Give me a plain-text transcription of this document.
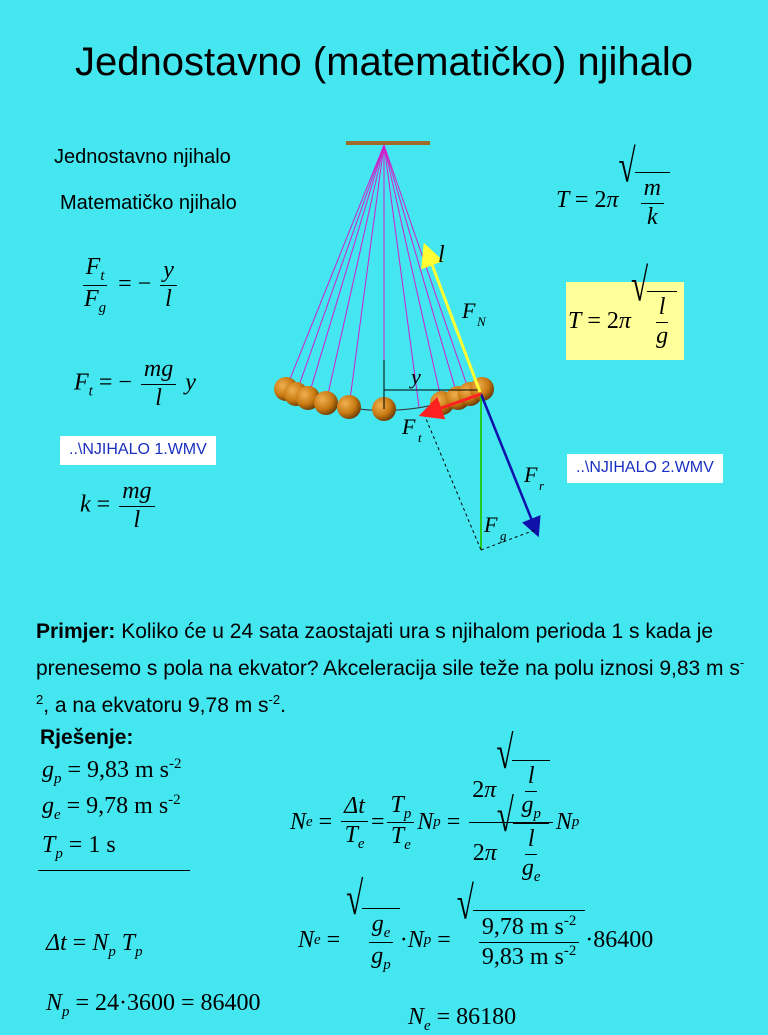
Jednostavno (matematičko) njihalo
Jednostavno njihalo
Matematičko njihalo
$\frac{F_t}{F_g}$ = − $\frac{y}{l}$
$F_t$ = − $\frac{mg}{l}$ y
..\NJIHALO 1.WMV
$k = \frac{mg}{l}$
T = 2π
√
$\frac{m}{k}$
T = 2 π
√
$\frac{l}{g}$
..\NJIHALO 2.WMV
l
F N
y
F t
F r
F g
Primjer: Koliko će u 24 sata zaostajati ura s njihalom perioda 1 s kada je prenesemo s pola na ekvator? Akceleracija sile teže na polu iznosi 9,83 m $s^{-2}$, a na ekvatoru 9,78 m $s^{-2}$.
Rješenje:
$g_p = 9,83$ m $s^{-2}$
$g_e = 9,78$ m $s^{-2}$
$T_p = 1$ s
N $e = \frac{\Delta t}{T_e} = \frac{T_p}{T_e}$ N p = 2π
√
$\frac{l}{g_p}$
2π
√
$\frac{l}{g_e}$ N p
$\Delta t = N_p$ $T_p$
$N_p = 24\cdot 3600 = 86400$
N e =
√
$\frac{g_e}{g_p} \cdot N$ p =
√
$\frac{9,78 m s^{-2}}{9,83 m s^{-2}} \cdot 86400$
$N_e = 86180$
